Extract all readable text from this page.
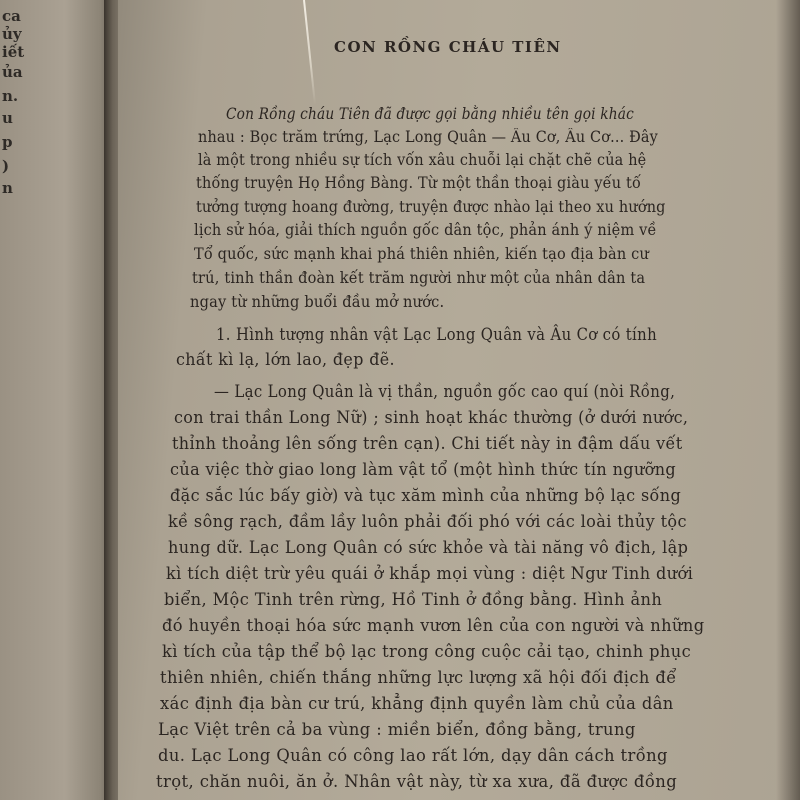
ca
ủy
iết
ủa
n.
u
p
)
n
CON RỒNG CHÁU TIÊN
Con Rồng cháu Tiên đã được gọi bằng nhiều tên gọi khác
nhau : Bọc trăm trứng, Lạc Long Quân — Âu Cơ, Âu Cơ... Đây
là một trong nhiều sự tích vốn xâu chuỗi lại chặt chẽ của hệ
thống truyện Họ Hồng Bàng. Từ một thần thoại giàu yếu tố
tưởng tượng hoang đường, truyện được nhào lại theo xu hướng
lịch sử hóa, giải thích nguồn gốc dân tộc, phản ánh ý niệm về
Tổ quốc, sức mạnh khai phá thiên nhiên, kiến tạo địa bàn cư
trú, tinh thần đoàn kết trăm người như một của nhân dân ta
ngay từ những buổi đầu mở nước.
1. Hình tượng nhân vật Lạc Long Quân và Âu Cơ có tính
chất kì lạ, lớn lao, đẹp đẽ.
— Lạc Long Quân là vị thần, nguồn gốc cao quí (nòi Rồng,
con trai thần Long Nữ) ; sinh hoạt khác thường (ở dưới nước,
thỉnh thoảng lên sống trên cạn). Chi tiết này in đậm dấu vết
của việc thờ giao long làm vật tổ (một hình thức tín ngưỡng
đặc sắc lúc bấy giờ) và tục xăm mình của những bộ lạc sống
kề sông rạch, đầm lầy luôn phải đối phó với các loài thủy tộc
hung dữ. Lạc Long Quân có sức khỏe và tài năng vô địch, lập
kì tích diệt trừ yêu quái ở khắp mọi vùng : diệt Ngư Tinh dưới
biển, Mộc Tinh trên rừng, Hồ Tinh ở đồng bằng. Hình ảnh
đó huyền thoại hóa sức mạnh vươn lên của con người và những
kì tích của tập thể bộ lạc trong công cuộc cải tạo, chinh phục
thiên nhiên, chiến thắng những lực lượng xã hội đối địch để
xác định địa bàn cư trú, khẳng định quyền làm chủ của dân
Lạc Việt trên cả ba vùng : miền biển, đồng bằng, trung
du. Lạc Long Quân có công lao rất lớn, dạy dân cách trồng
trọt, chăn nuôi, ăn ở. Nhân vật này, từ xa xưa, đã được đồng
